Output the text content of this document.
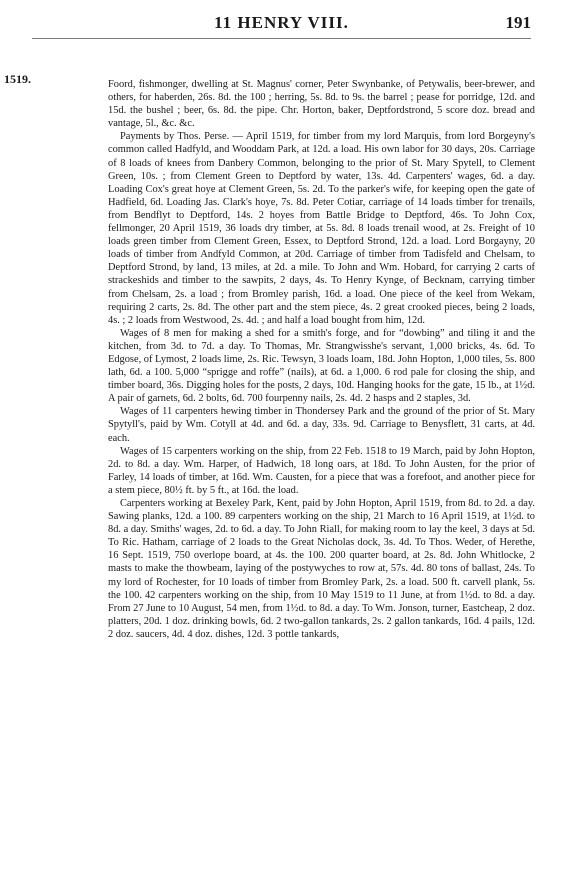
11 HENRY VIII.	191
1519.	Foord, fishmonger, dwelling at St. Magnus' corner, Peter Swynbanke, of Petywalis, beer-brewer, and others, for haberden, 26s. 8d. the 100 ; herring, 5s. 8d. to 9s. the barrel ; pease for porridge, 12d. and 15d. the bushel ; beer, 6s. 8d. the pipe. Chr. Horton, baker, Deptfordstrond, 5 score doz. bread and vantage, 5l., &c. &c.

Payments by Thos. Perse. — April 1519, for timber from my lord Marquis, from lord Borgeyny's common called Hadfyld, and Wooddam Park, at 12d. a load. His own labor for 30 days, 20s. Carriage of 8 loads of knees from Danbery Common, belonging to the prior of St. Mary Spytell, to Clement Green, 10s. ; from Clement Green to Deptford by water, 13s. 4d. Carpenters' wages, 6d. a day. Loading Cox's great hoye at Clement Green, 5s. 2d. To the parker's wife, for keeping open the gate of Hadfield, 6d. Loading Jas. Clark's hoye, 7s. 8d. Peter Cotiar, carriage of 14 loads timber for trenails, from Bendflyt to Deptford, 14s. 2 hoyes from Battle Bridge to Deptford, 46s. To John Cox, fellmonger, 20 April 1519, 36 loads dry timber, at 5s. 8d. 8 loads trenail wood, at 2s. Freight of 10 loads green timber from Clement Green, Essex, to Deptford Strond, 12d. a load. Lord Borgayny, 20 loads of timber from Andfyld Common, at 20d. Carriage of timber from Tadisfeld and Chelsam, to Deptford Strond, by land, 13 miles, at 2d. a mile. To John and Wm. Hobard, for carrying 2 carts of strackeshids and timber to the sawpits, 2 days, 4s. To Henry Kynge, of Becknam, carrying timber from Chelsam, 2s. a load ; from Bromley parish, 16d. a load. One piece of the keel from Wekam, requiring 2 carts, 2s. 8d. The other part and the stem piece, 4s. 2 great crooked pieces, being 2 loads, 4s. ; 2 loads from Westwood, 2s. 4d. ; and half a load bought from him, 12d.

Wages of 8 men for making a shed for a smith's forge, and for “dowbing” and tiling it and the kitchen, from 3d. to 7d. a day. To Thomas, Mr. Strangwisshe's servant, 1,000 bricks, 4s. 6d. To Edgose, of Lymost, 2 loads lime, 2s. Ric. Tewsyn, 3 loads loam, 18d. John Hopton, 1,000 tiles, 5s. 800 lath, 6d. a 100. 5,000 “sprigge and roffe” (nails), at 6d. a 1,000. 6 rod pale for closing the ship, and timber board, 36s. Digging holes for the posts, 2 days, 10d. Hanging hooks for the gate, 15 lb., at 1½d. A pair of garnets, 6d. 2 bolts, 6d. 700 fourpenny nails, 2s. 4d. 2 hasps and 2 staples, 3d.

Wages of 11 carpenters hewing timber in Thondersey Park and the ground of the prior of St. Mary Spytyll's, paid by Wm. Cotyll at 4d. and 6d. a day, 33s. 9d. Carriage to Benysflett, 31 carts, at 4d. each.

Wages of 15 carpenters working on the ship, from 22 Feb. 1518 to 19 March, paid by John Hopton, 2d. to 8d. a day. Wm. Harper, of Hadwich, 18 long oars, at 18d. To John Austen, for the prior of Farley, 14 loads of timber, at 16d. Wm. Causten, for a piece that was a forefoot, and another piece for a stem piece, 80½ ft. by 5 ft., at 16d. the load.

Carpenters working at Bexeley Park, Kent, paid by John Hopton, April 1519, from 8d. to 2d. a day. Sawing planks, 12d. a 100. 89 carpenters working on the ship, 21 March to 16 April 1519, at 1½d. to 8d. a day. Smiths' wages, 2d. to 6d. a day. To John Riall, for making room to lay the keel, 3 days at 5d. To Ric. Hatham, carriage of 2 loads to the Great Nicholas dock, 3s. 4d. To Thos. Weder, of Herethe, 16 Sept. 1519, 750 overlope board, at 4s. the 100. 200 quarter board, at 2s. 8d. John Whitlocke, 2 masts to make the thowbeam, laying of the postywyches to row at, 57s. 4d. 80 tons of ballast, 24s. To my lord of Rochester, for 10 loads of timber from Bromley Park, 2s. a load. 500 ft. carvell plank, 5s. the 100. 42 carpenters working on the ship, from 10 May 1519 to 11 June, at from 1½d. to 8d. a day. From 27 June to 10 August, 54 men, from 1½d. to 8d. a day. To Wm. Jonson, turner, Eastcheap, 2 doz. platters, 20d. 1 doz. drinking bowls, 6d. 2 two-gallon tankards, 2s. 2 gallon tankards, 16d. 4 pails, 12d. 2 doz. saucers, 4d. 4 doz. dishes, 12d. 3 pottle tankards,
